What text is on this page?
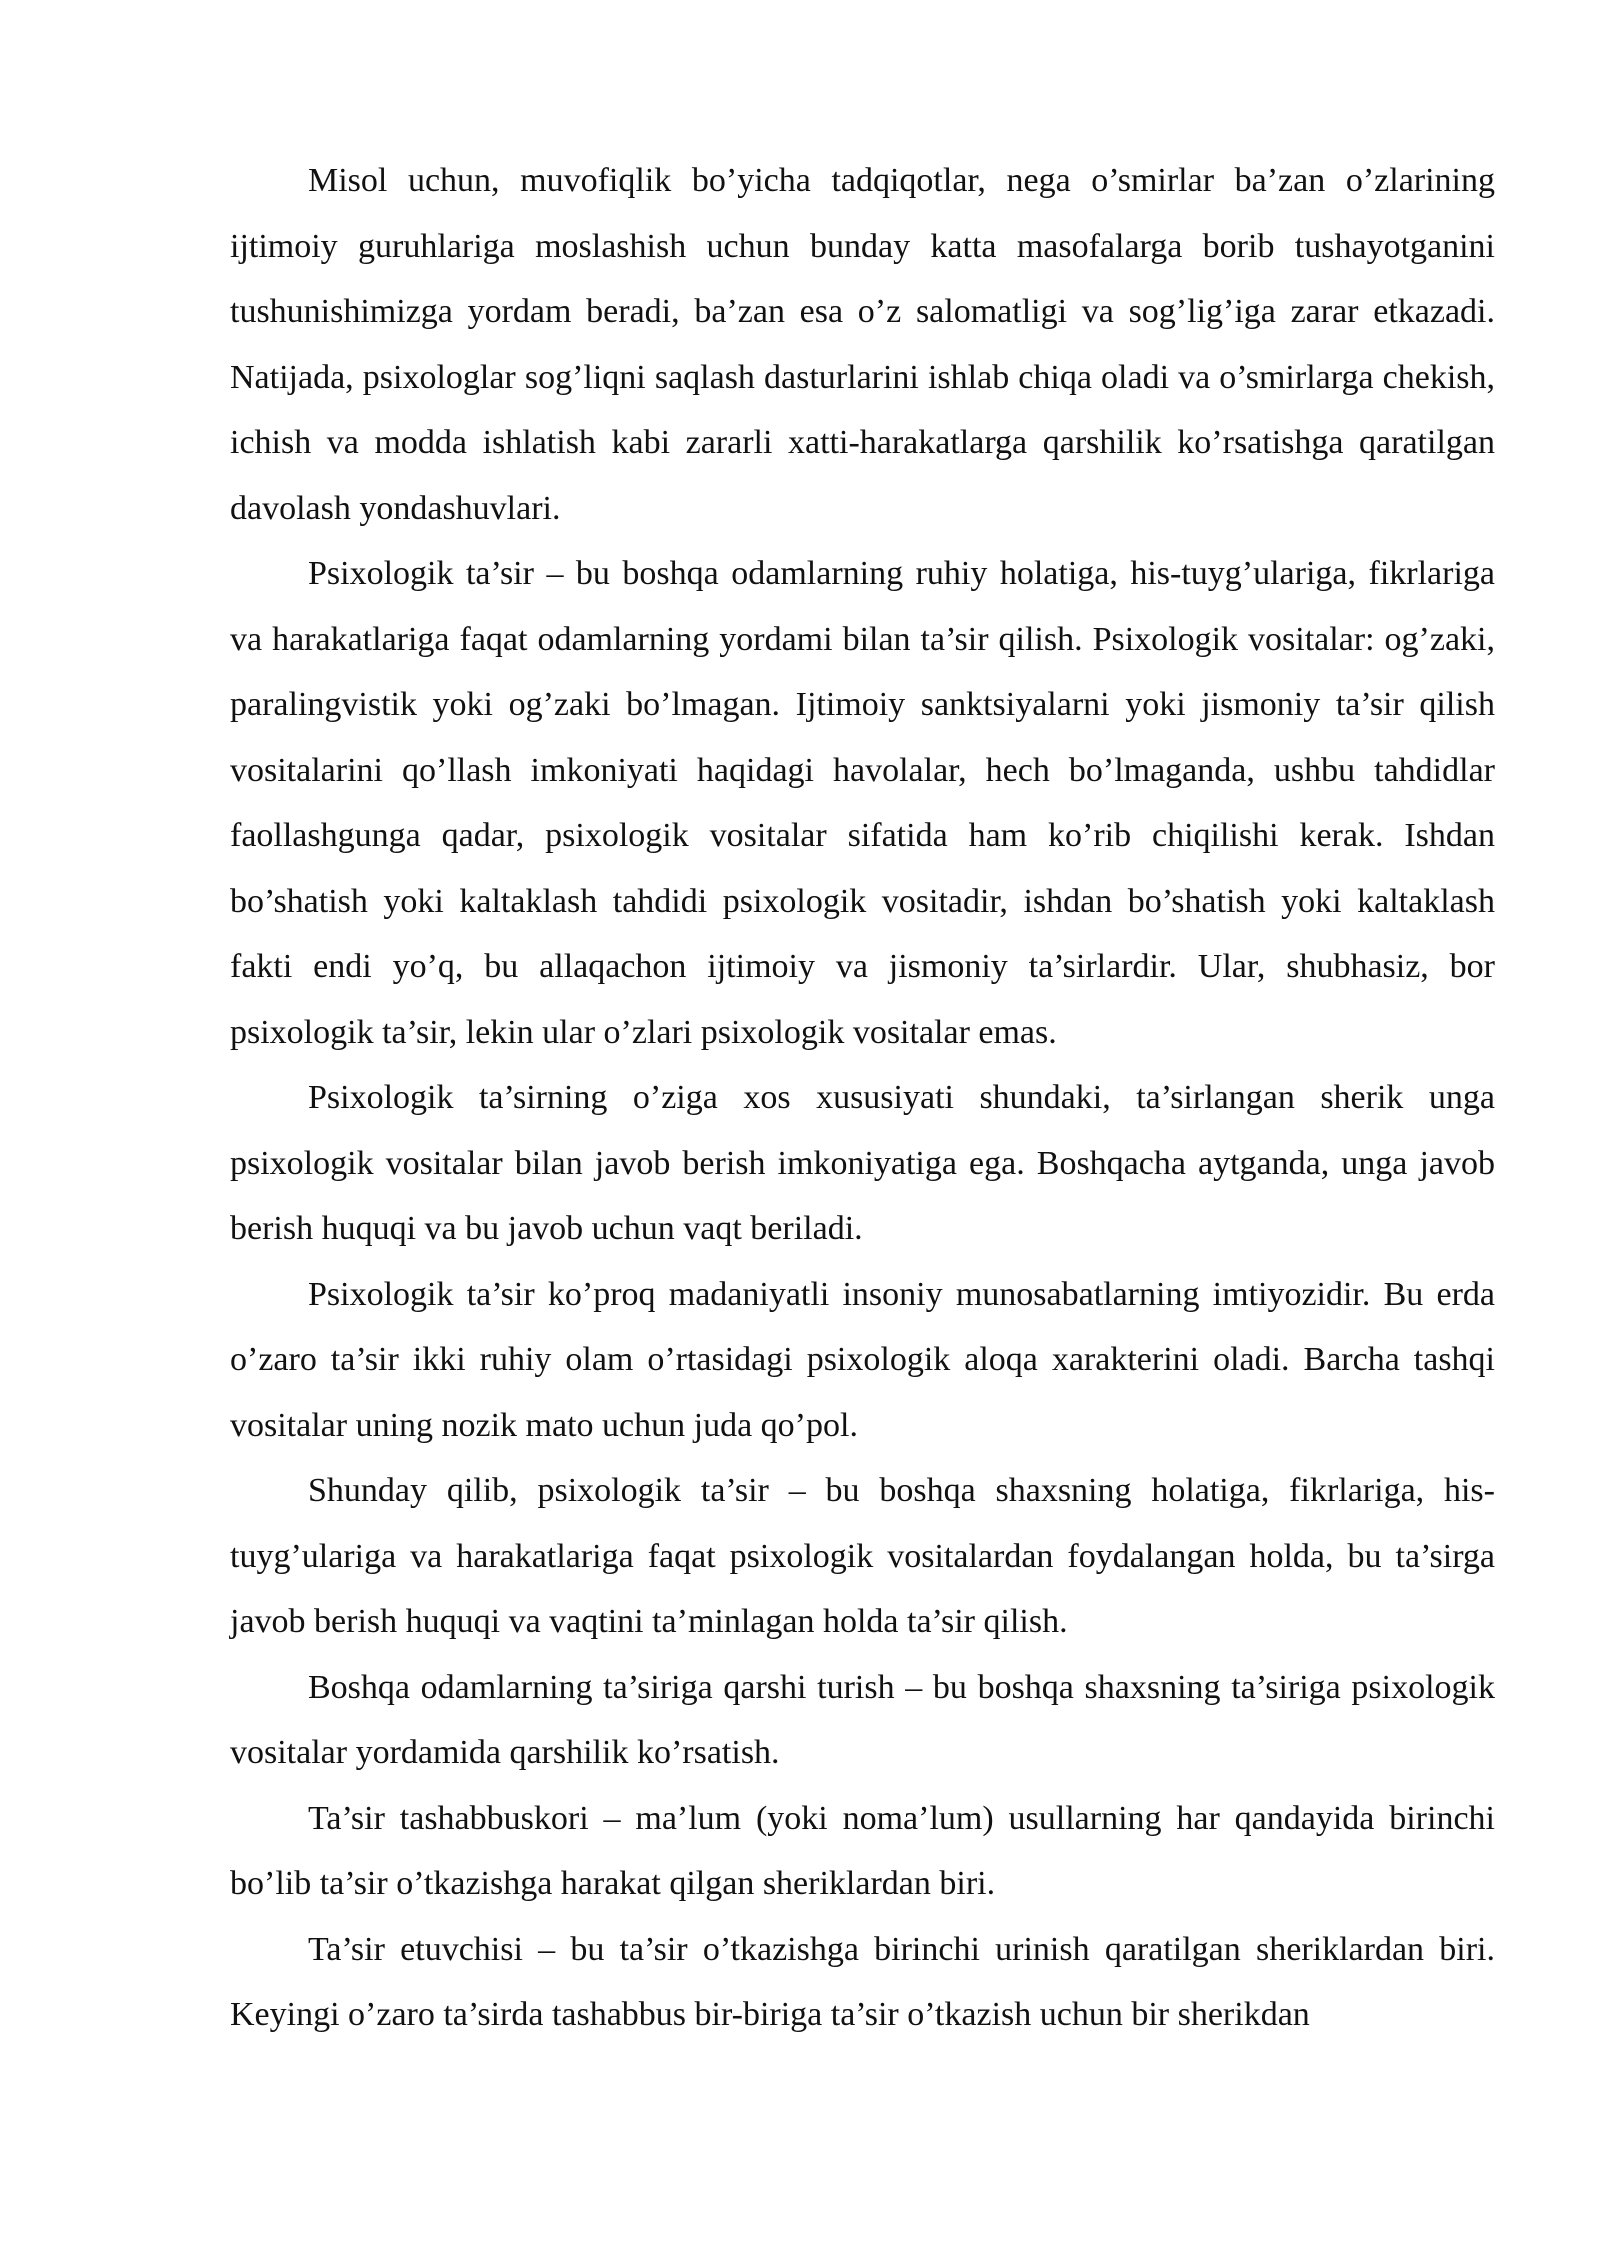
Misol uchun, muvofiqlik bo’yicha tadqiqotlar, nega o’smirlar ba’zan o’zlarining ijtimoiy guruhlariga moslashish uchun bunday katta masofalarga borib tushayotganini tushunishimizga yordam beradi, ba’zan esa o’z salomatligi va sog’lig’iga zarar etkazadi. Natijada, psixologlar sog’liqni saqlash dasturlarini ishlab chiqa oladi va o’smirlarga chekish, ichish va modda ishlatish kabi zararli xatti-harakatlarga qarshilik ko’rsatishga qaratilgan davolash yondashuvlari.

Psixologik ta’sir – bu boshqa odamlarning ruhiy holatiga, his-tuyg’ulariga, fikrlariga va harakatlariga faqat odamlarning yordami bilan ta’sir qilish. Psixologik vositalar: og’zaki, paralingvistik yoki og’zaki bo’lmagan. Ijtimoiy sanktsiyalarni yoki jismoniy ta’sir qilish vositalarini qo’llash imkoniyati haqidagi havolalar, hech bo’lmaganda, ushbu tahdidlar faollashgunga qadar, psixologik vositalar sifatida ham ko’rib chiqilishi kerak. Ishdan bo’shatish yoki kaltaklash tahdidi psixologik vositadir, ishdan bo’shatish yoki kaltaklash fakti endi yo’q, bu allaqachon ijtimoiy va jismoniy ta’sirlardir. Ular, shubhasiz, bor psixologik ta’sir, lekin ular o’zlari psixologik vositalar emas.

Psixologik ta’sirning o’ziga xos xususiyati shundaki, ta’sirlangan sherik unga psixologik vositalar bilan javob berish imkoniyatiga ega. Boshqacha aytganda, unga javob berish huquqi va bu javob uchun vaqt beriladi.

Psixologik ta’sir ko’proq madaniyatli insoniy munosabatlarning imtiyozidir. Bu erda o’zaro ta’sir ikki ruhiy olam o’rtasidagi psixologik aloqa xarakterini oladi. Barcha tashqi vositalar uning nozik mato uchun juda qo’pol.

Shunday qilib, psixologik ta’sir – bu boshqa shaxsning holatiga, fikrlariga, his-tuyg’ulariga va harakatlariga faqat psixologik vositalardan foydalangan holda, bu ta’sirga javob berish huquqi va vaqtini ta’minlagan holda ta’sir qilish.

Boshqa odamlarning ta’siriga qarshi turish – bu boshqa shaxsning ta’siriga psixologik vositalar yordamida qarshilik ko’rsatish.

Ta’sir tashabbuskori – ma’lum (yoki noma’lum) usullarning har qandayida birinchi bo’lib ta’sir o’tkazishga harakat qilgan sheriklardan biri.

Ta’sir etuvchisi – bu ta’sir o’tkazishga birinchi urinish qaratilgan sheriklardan biri. Keyingi o’zaro ta’sirda tashabbus bir-biriga ta’sir o’tkazish uchun bir sherikdan
